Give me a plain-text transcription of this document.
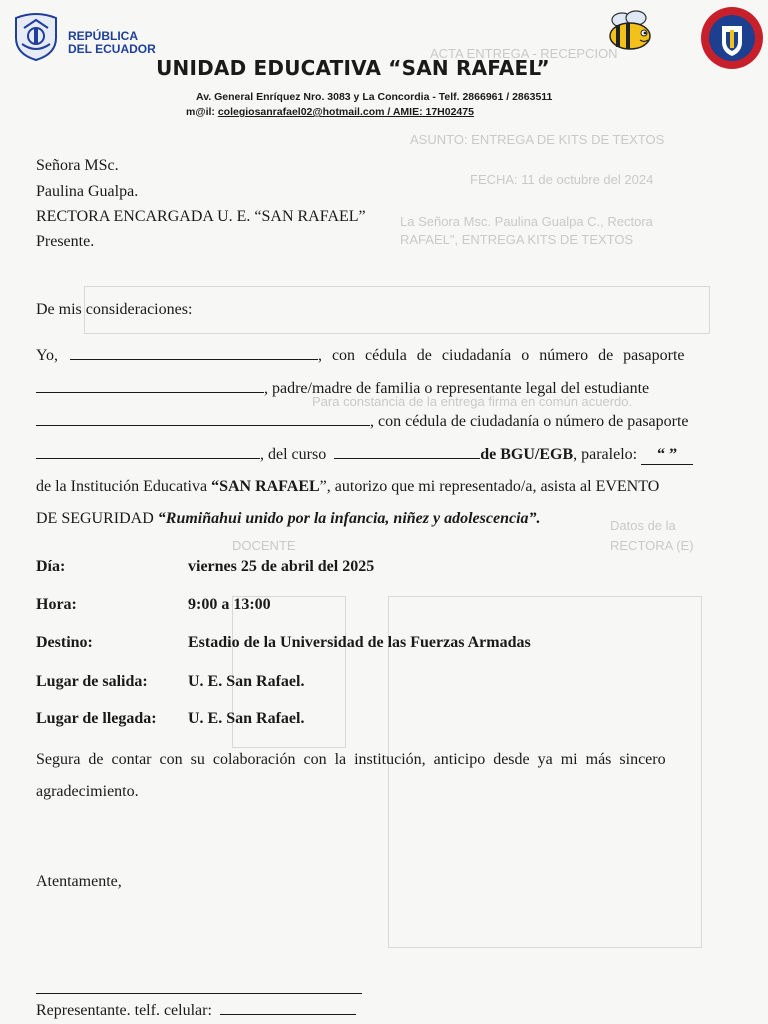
ACTA ENTREGA - RECEPCION
ASUNTO: ENTREGA DE KITS DE TEXTOS
FECHA: 11 de octubre del 2024
La Señora Msc. Paulina Gualpa C., Rectora
RAFAEL", ENTREGA KITS DE TEXTOS
Para constancia de la entrega firma en común acuerdo.
Datos de la
DOCENTE	RECTORA (E)
REPÚBLICA
DEL ECUADOR
UNIDAD EDUCATIVA “SAN RAFAEL”
Av. General Enríquez Nro. 3083 y La Concordia - Telf. 2866961 / 2863511
m@il: colegiosanrafael02@hotmail.com / AMIE: 17H02475
Señora MSc.
Paulina Gualpa.
RECTORA ENCARGADA U. E. “SAN RAFAEL”
Presente.
De mis consideraciones:
Yo,	, con cédula de ciudadanía o número de pasaporte
, padre/madre de familia o representante legal del estudiante
, con cédula de ciudadanía o número de pasaporte
, del curso	de BGU/EGB, paralelo: “ ”
de la Institución Educativa “SAN RAFAEL”, autorizo que mi representado/a, asista al EVENTO
DE SEGURIDAD “Rumiñahui unido por la infancia, niñez y adolescencia”.
Día:	viernes 25 de abril del 2025
Hora:	9:00 a 13:00
Destino:	Estadio de la Universidad de las Fuerzas Armadas
Lugar de salida:	U. E. San Rafael.
Lugar de llegada: U. E. San Rafael.
Segura de contar con su colaboración con la institución, anticipo desde ya mi más sincero
agradecimiento.
Atentamente,
Representante. telf. celular:
